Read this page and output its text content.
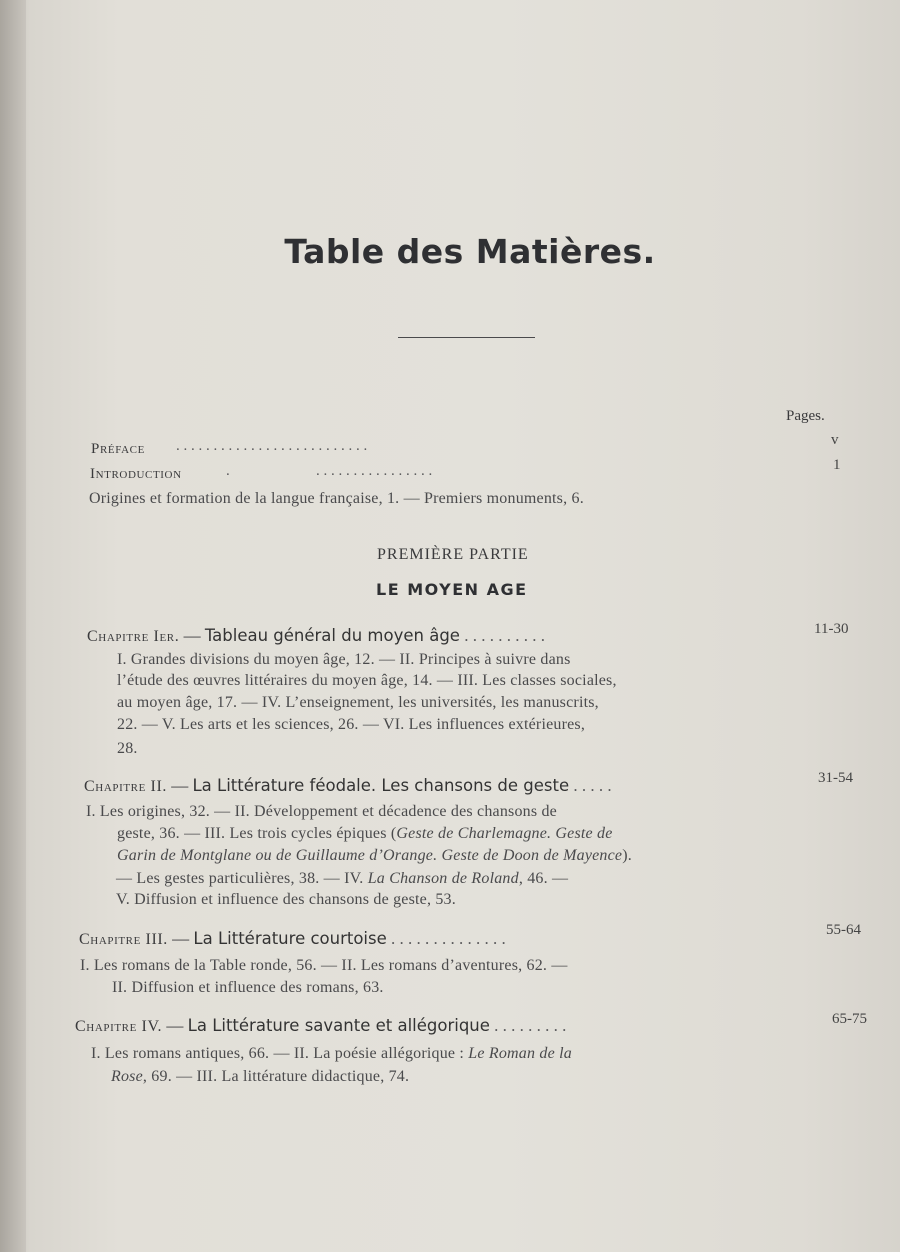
Table des Matières.
Pages.
Préface . . . . . . . . . . . . . . . . . . . . . . . . . .	v
Introduction	.                       . . . . . . . . . . . . . . . .	1
Origines et formation de la langue française, 1. — Premiers monuments, 6.
PREMIÈRE PARTIE
LE MOYEN AGE
Chapitre Ier. — Tableau général du moyen âge . . . . . . . . . .	11-30
I. Grandes divisions du moyen âge, 12. — II. Principes à suivre dans
l’étude des œuvres littéraires du moyen âge, 14. — III. Les classes sociales,
au moyen âge, 17. — IV. L’enseignement, les universités, les manuscrits,
22. — V. Les arts et les sciences, 26. — VI. Les influences extérieures,
28.
Chapitre II. — La Littérature féodale. Les chansons de geste . . . . .	31-54
I. Les origines, 32. — II. Développement et décadence des chansons de
geste, 36. — III. Les trois cycles épiques (Geste de Charlemagne. Geste de
Garin de Montglane ou de Guillaume d’Orange. Geste de Doon de Mayence).
— Les gestes particulières, 38. — IV. La Chanson de Roland, 46. —
V. Diffusion et influence des chansons de geste, 53.
Chapitre III. — La Littérature courtoise . . . . . . . . . . . . . .	55-64
I. Les romans de la Table ronde, 56. — II. Les romans d’aventures, 62. —
II. Diffusion et influence des romans, 63.
Chapitre IV. — La Littérature savante et allégorique . . . . . . . . .	65-75
I. Les romans antiques, 66. — II. La poésie allégorique : Le Roman de la
Rose, 69. — III. La littérature didactique, 74.
